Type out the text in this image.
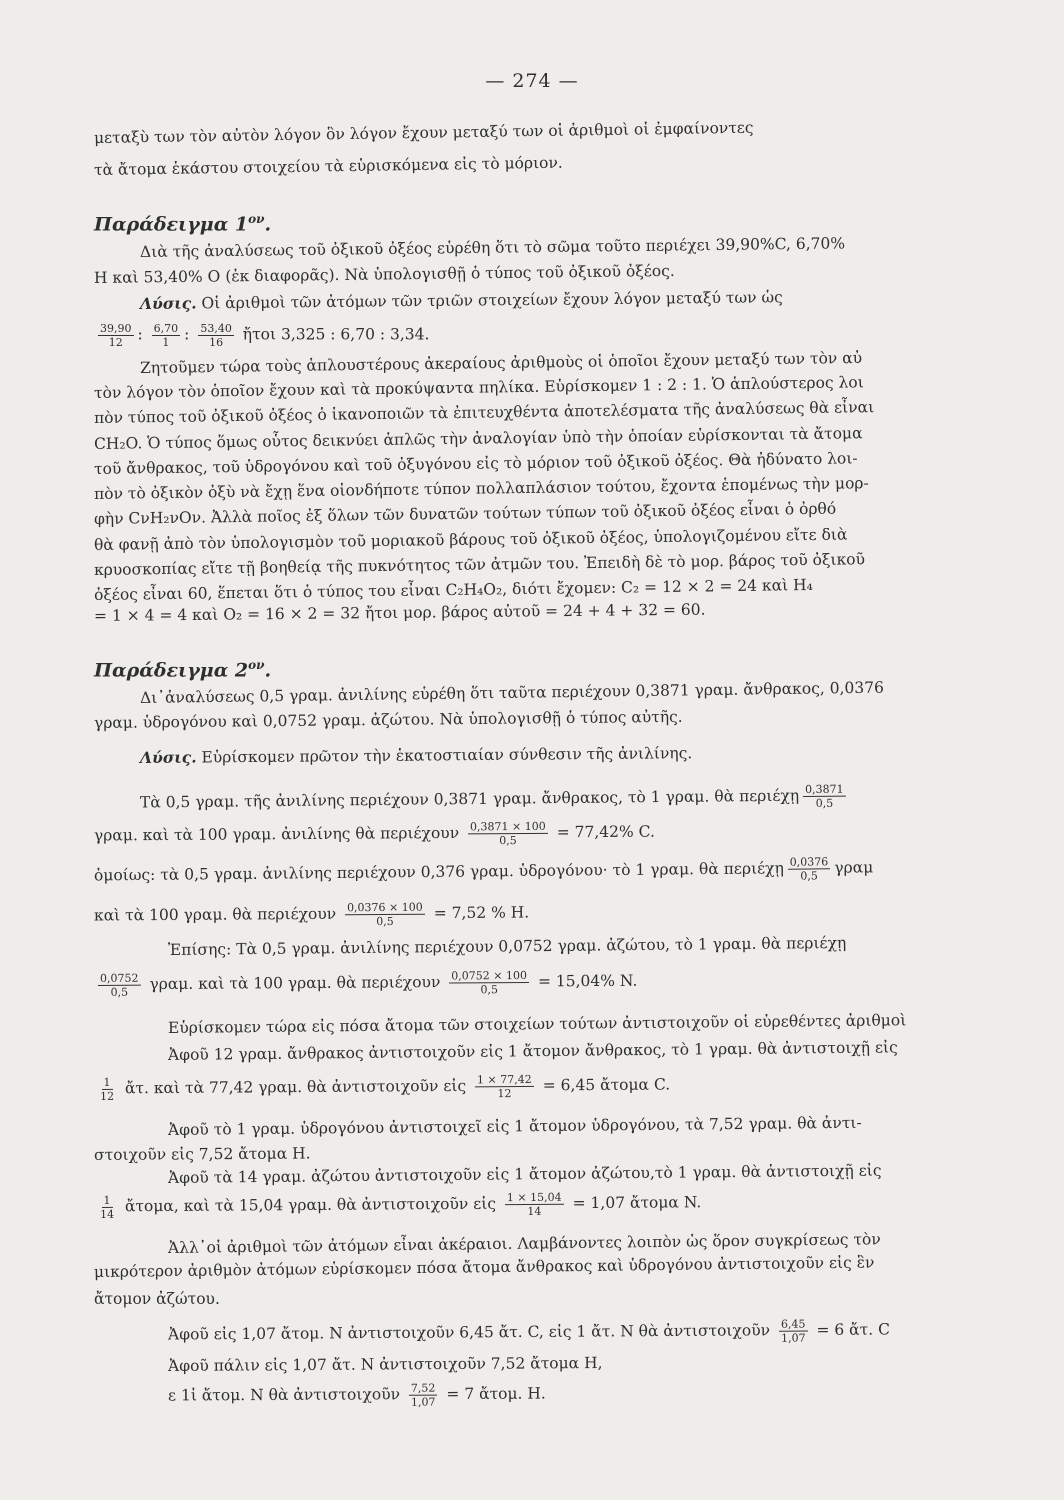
— 274 —
μεταξὺ των τὸν αὐτὸν λόγον ὃν λόγον ἔχουν μεταξύ των οἱ ἀριθμοὶ οἱ ἐμφαίνοντες
τὰ ἄτομα ἑκάστου στοιχείου τὰ εὑρισκόμενα εἰς τὸ μόριον.
Παράδειγμα $1^{o\nu}$.
Διὰ τῆς ἀναλύσεως τοῦ ὀξικοῦ ὀξέος εὑρέθη ὅτι τὸ σῶμα τοῦτο περιέχει 39,90%C, 6,70%
Η καὶ 53,40% Ο (ἐκ διαφορᾶς). Νὰ ὑπολογισθῇ ὁ τύπος τοῦ ὀξικοῦ ὀξέος.
Λύσις. Οἱ ἀριθμοὶ τῶν ἀτόμων τῶν τριῶν στοιχείων ἔχουν λόγον μεταξύ των ὡς
$\frac{39,90}{12}$ : $\frac{6,70}{1}$ : $\frac{53,40}{16}$ ἤτοι 3,325 : 6,70 : 3,34.
Ζητοῦμεν τώρα τοὺς ἁπλουστέρους ἀκεραίους ἀριθμοὺς οἱ ὁποῖοι ἔχουν μεταξύ των τὸν αὐ
τὸν λόγον τὸν ὁποῖον ἔχουν καὶ τὰ προκύψαντα πηλίκα. Εὑρίσκομεν 1 : 2 : 1. Ὁ ἁπλούστερος λοι
πὸν τύπος τοῦ ὀξικοῦ ὀξέος ὁ ἱκανοποιῶν τὰ ἐπιτευχθέντα ἀποτελέσματα τῆς ἀναλύσεως θὰ εἶναι
CH₂O. Ὁ τύπος ὅμως οὗτος δεικνύει ἁπλῶς τὴν ἀναλογίαν ὑπὸ τὴν ὁποίαν εὑρίσκονται τὰ ἄτομα
τοῦ ἄνθρακος, τοῦ ὑδρογόνου καὶ τοῦ ὀξυγόνου εἰς τὸ μόριον τοῦ ὀξικοῦ ὀξέος. Θὰ ἠδύνατο λοι-
πὸν τὸ ὀξικὸν ὀξὺ νὰ ἔχῃ ἕνα οἱονδήποτε τύπον πολλαπλάσιον τούτου, ἔχοντα ἑπομένως τὴν μορ-
φὴν CνH₂νOν. Ἀλλὰ ποῖος ἐξ ὅλων τῶν δυνατῶν τούτων τύπων τοῦ ὀξικοῦ ὀξέος εἶναι ὁ ὀρθό
θὰ φανῇ ἀπὸ τὸν ὑπολογισμὸν τοῦ μοριακοῦ βάρους τοῦ ὀξικοῦ ὀξέος, ὑπολογιζομένου εἴτε διὰ
κρυοσκοπίας εἴτε τῇ βοηθείᾳ τῆς πυκνότητος τῶν ἀτμῶν του. Ἐπειδὴ δὲ τὸ μορ. βάρος τοῦ ὀξικοῦ
ὀξέος εἶναι 60, ἕπεται ὅτι ὁ τύπος του εἶναι C₂H₄O₂, διότι ἔχομεν: C₂ = 12 × 2 = 24 καὶ H₄
= 1 × 4 = 4 καὶ O₂ = 16 × 2 = 32 ἤτοι μορ. βάρος αὐτοῦ = 24 + 4 + 32 = 60.
Παράδειγμα $2^{o\nu}$.
Δι᾽ἀναλύσεως 0,5 γραμ. ἀνιλίνης εὑρέθη ὅτι ταῦτα περιέχουν 0,3871 γραμ. ἄνθρακος, 0,0376
γραμ. ὑδρογόνου καὶ 0,0752 γραμ. ἀζώτου. Νὰ ὑπολογισθῇ ὁ τύπος αὐτῆς.
Λύσις. Εὑρίσκομεν πρῶτον τὴν ἑκατοστιαίαν σύνθεσιν τῆς ἀνιλίνης.
Τὰ 0,5 γραμ. τῆς ἀνιλίνης περιέχουν 0,3871 γραμ. ἄνθρακος, τὸ 1 γραμ. θὰ περιέχῃ $\frac{0,3871}{0,5}$
γραμ. καὶ τὰ 100 γραμ. ἀνιλίνης θὰ περιέχουν $\frac{0,3871 \times 100}{0,5} = 77,42\%$ C.
ὁμοίως: τὰ 0,5 γραμ. ἀνιλίνης περιέχουν 0,376 γραμ. ὑδρογόνου· τὸ 1 γραμ. θὰ περιέχῃ $\frac{0,0376}{0,5}$ γραμ
καὶ τὰ 100 γραμ. θὰ περιέχουν $\frac{0,0376 \times 100}{0,5} = 7,52$ % H.
Ἐπίσης: Τὰ 0,5 γραμ. ἀνιλίνης περιέχουν 0,0752 γραμ. ἀζώτου, τὸ 1 γραμ. θὰ περιέχῃ
$\frac{0,0752}{0,5} \gamma\rho\alpha\mu$. καὶ τὰ 100 γραμ. θὰ περιέχουν $\frac{0,0752 \times 100}{0,5} = 15,04\%$ N.
Εὑρίσκομεν τώρα εἰς πόσα ἄτομα τῶν στοιχείων τούτων ἀντιστοιχοῦν οἱ εὑρεθέντες ἀριθμοὶ
Ἀφοῦ 12 γραμ. ἄνθρακος ἀντιστοιχοῦν εἰς 1 ἄτομον ἄνθρακος, τὸ 1 γραμ. θὰ ἀντιστοιχῇ εἰς
$\frac{1}{12}$ ἄτ. καὶ τὰ 77,42 γραμ. θὰ ἀντιστοιχοῦν εἰς $\frac{1 \times 77,42}{12} = 6,45$ ἄτομα C.
Ἀφοῦ τὸ 1 γραμ. ὑδρογόνου ἀντιστοιχεῖ εἰς 1 ἄτομον ὑδρογόνου, τὰ 7,52 γραμ. θὰ ἀντι-
στοιχοῦν εἰς 7,52 ἄτομα H.
Ἀφοῦ τὰ 14 γραμ. ἀζώτου ἀντιστοιχοῦν εἰς 1 ἄτομον ἀζώτου,τὸ 1 γραμ. θὰ ἀντιστοιχῇ εἰς
$\frac{1}{14}$ ἄτομα, καὶ τὰ 15,04 γραμ. θὰ ἀντιστοιχοῦν εἰς $\frac{1 \times 15,04}{14} = 1,07$ ἄτομα N.
Ἀλλ᾽οἱ ἀριθμοὶ τῶν ἀτόμων εἶναι ἀκέραιοι. Λαμβάνοντες λοιπὸν ὡς ὅρον συγκρίσεως τὸν
μικρότερον ἀριθμὸν ἀτόμων εὑρίσκομεν πόσα ἄτομα ἄνθρακος καὶ ὑδρογόνου ἀντιστοιχοῦν εἰς ἓν
ἄτομον ἀζώτου.
Ἀφοῦ εἰς 1,07 ἄτομ. N ἀντιστοιχοῦν 6,45 ἄτ. C, εἰς 1 ἄτ. N θὰ ἀντιστοιχοῦν $\frac{6,45}{1,07} = 6$ ἄτ. C
Ἀφοῦ πάλιν εἰς 1,07 ἄτ. N ἀντιστοιχοῦν 7,52 ἄτομα H,
ε 1ἰ ἄτομ. N θὰ ἀντιστοιχοῦν $\frac{7,52}{1,07} = 7$ ἄτομ. H.
